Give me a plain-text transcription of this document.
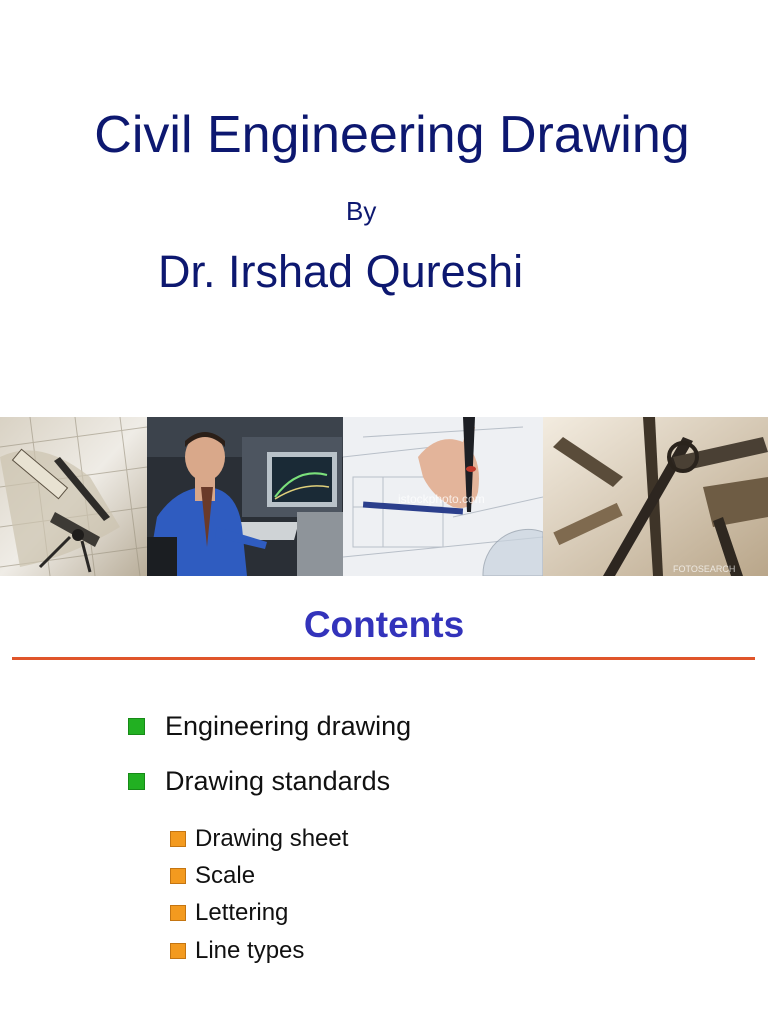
Civil Engineering Drawing
By
Dr. Irshad Qureshi
istockphoto.com
FOTOSEARCH
Contents
Engineering drawing
Drawing standards
Drawing sheet
Scale
Lettering
Line types
